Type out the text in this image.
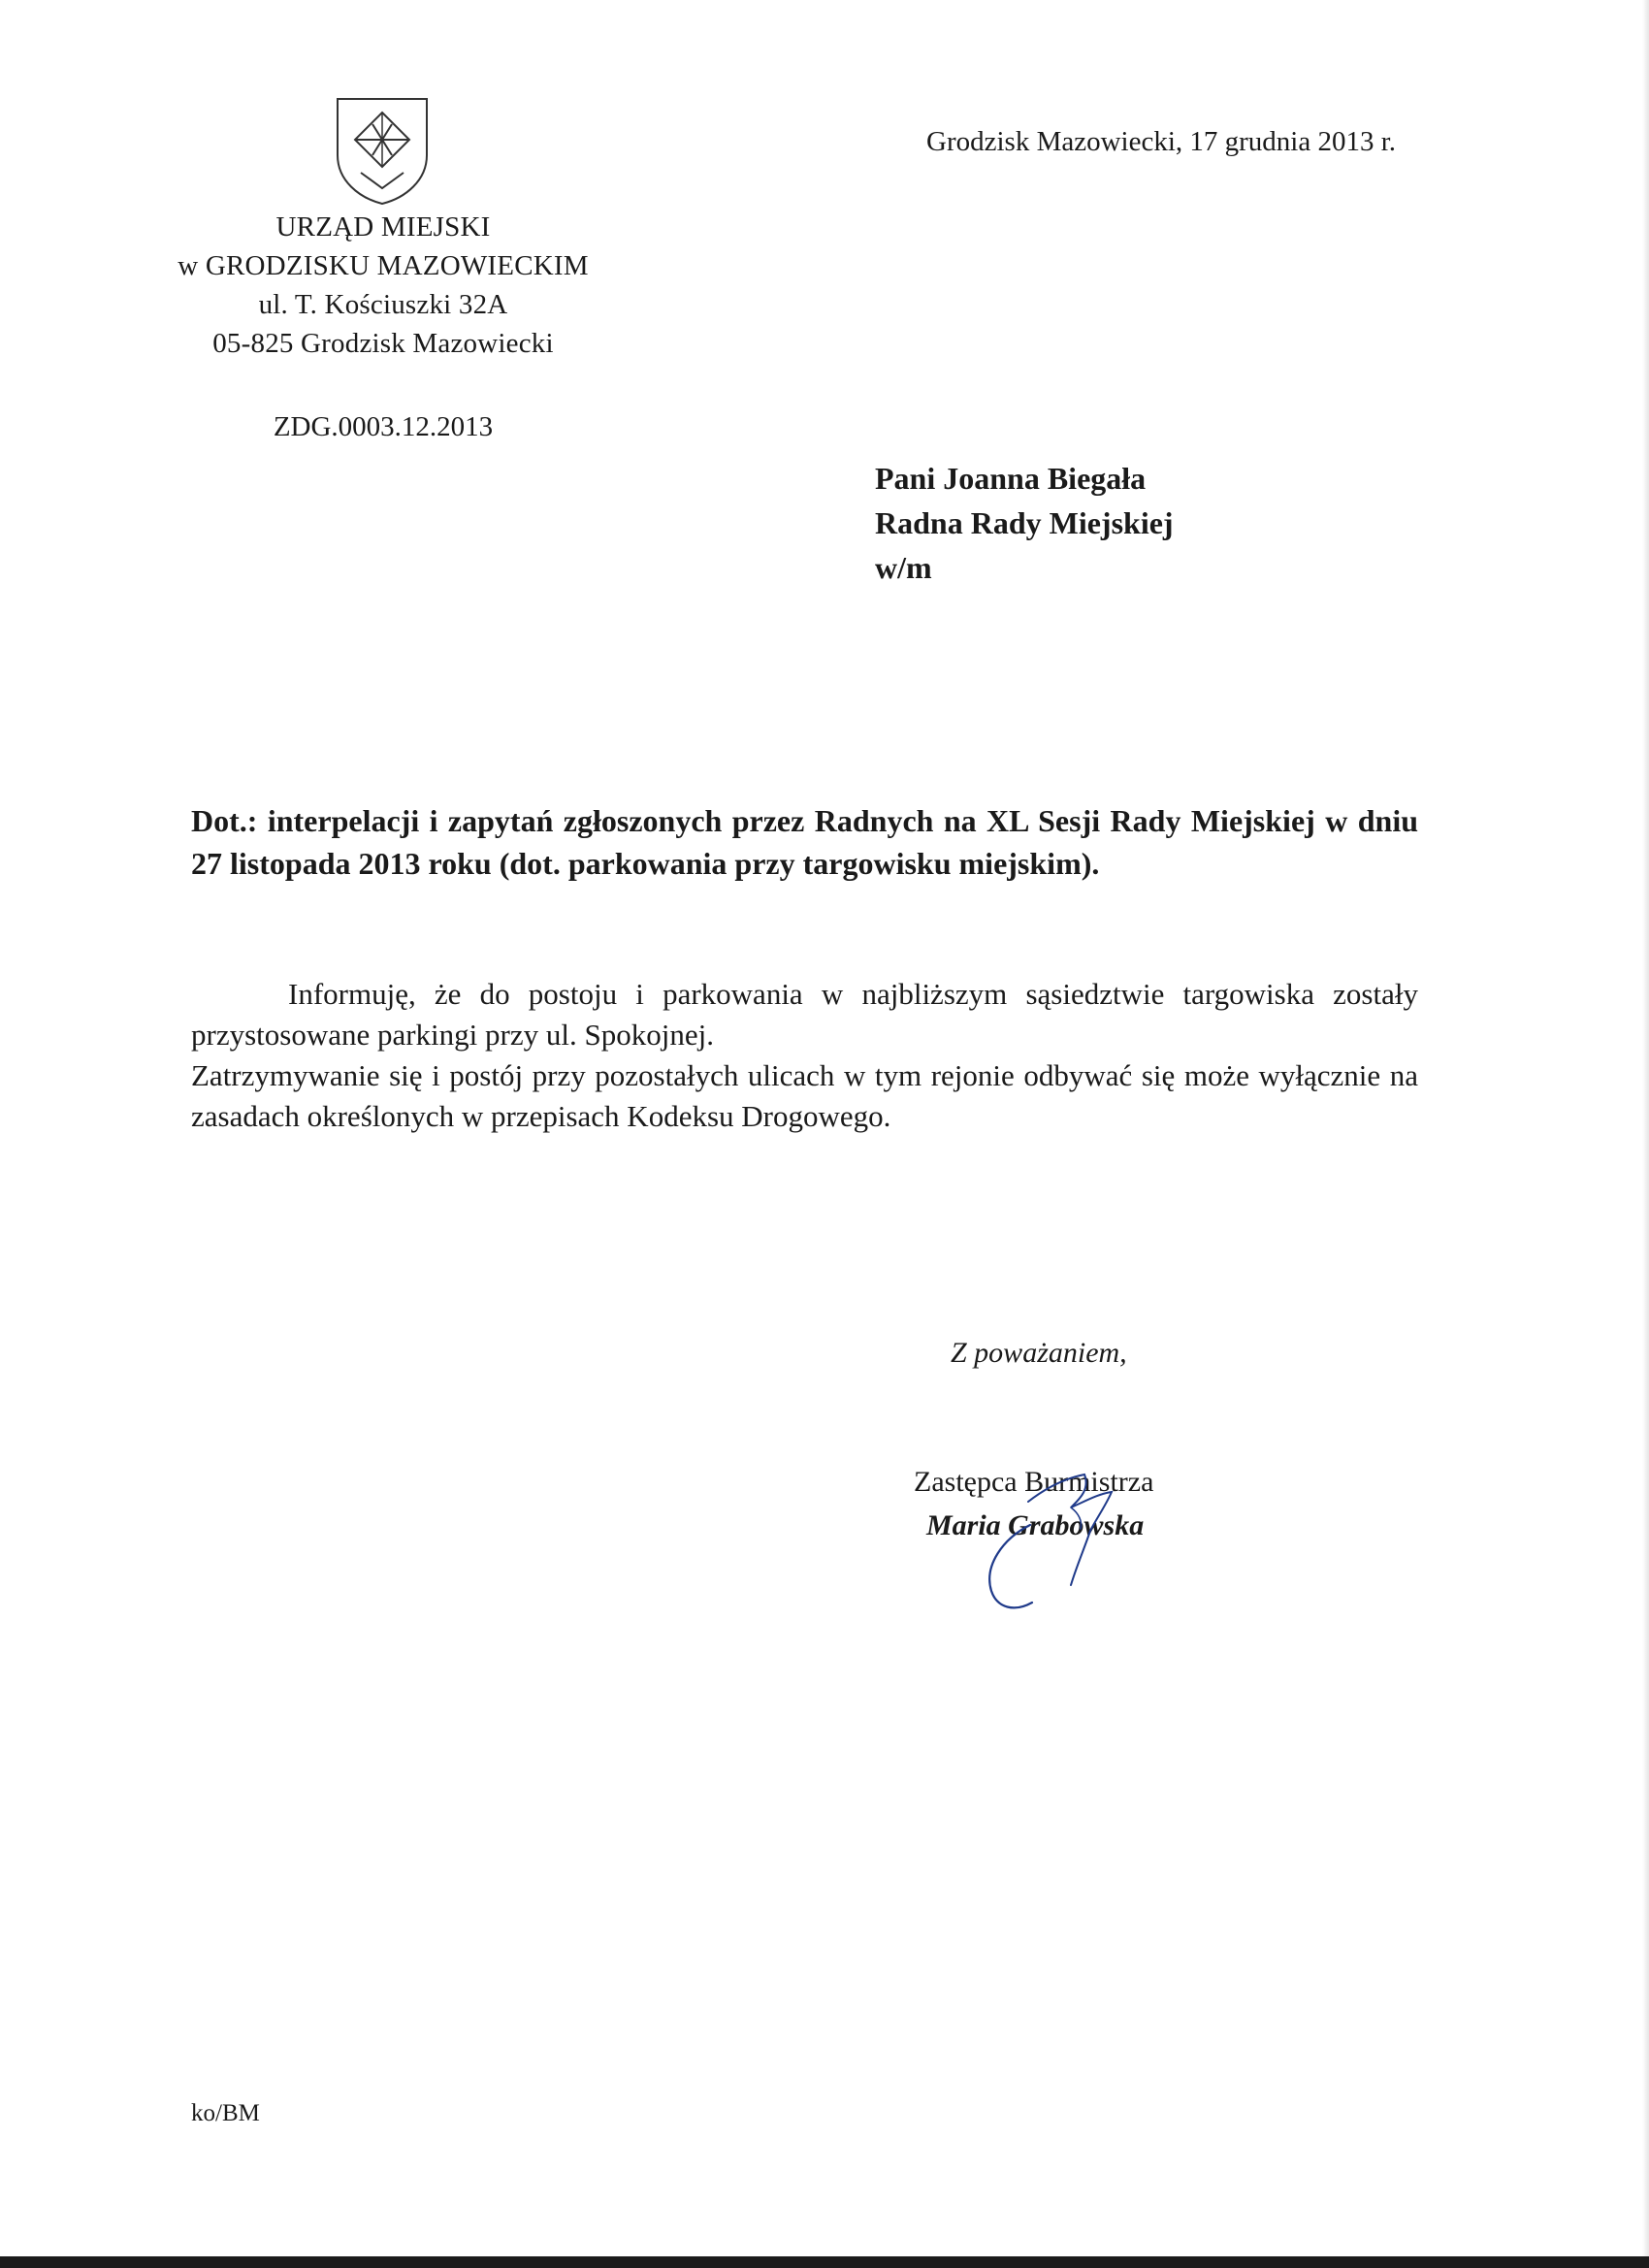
URZĄD MIEJSKI
w GRODZISKU MAZOWIECKIM
ul. T. Kościuszki 32A
05-825 Grodzisk Mazowiecki
ZDG.0003.12.2013
Grodzisk Mazowiecki, 17 grudnia 2013 r.
Pani Joanna Biegała
Radna Rady Miejskiej
w/m
Dot.: interpelacji i zapytań zgłoszonych przez Radnych na XL Sesji Rady Miejskiej w dniu 27 listopada 2013 roku (dot. parkowania przy targowisku miejskim).

Informuję, że do postoju i parkowania w najbliższym sąsiedztwie targowiska zostały przystosowane parkingi przy ul. Spokojnej.

Zatrzymywanie się i postój przy pozostałych ulicach w tym rejonie odbywać się może wyłącznie na zasadach określonych w przepisach Kodeksu Drogowego.

Z poważaniem,
Zastępca Burmistrza
Maria Grabowska
ko/BM
